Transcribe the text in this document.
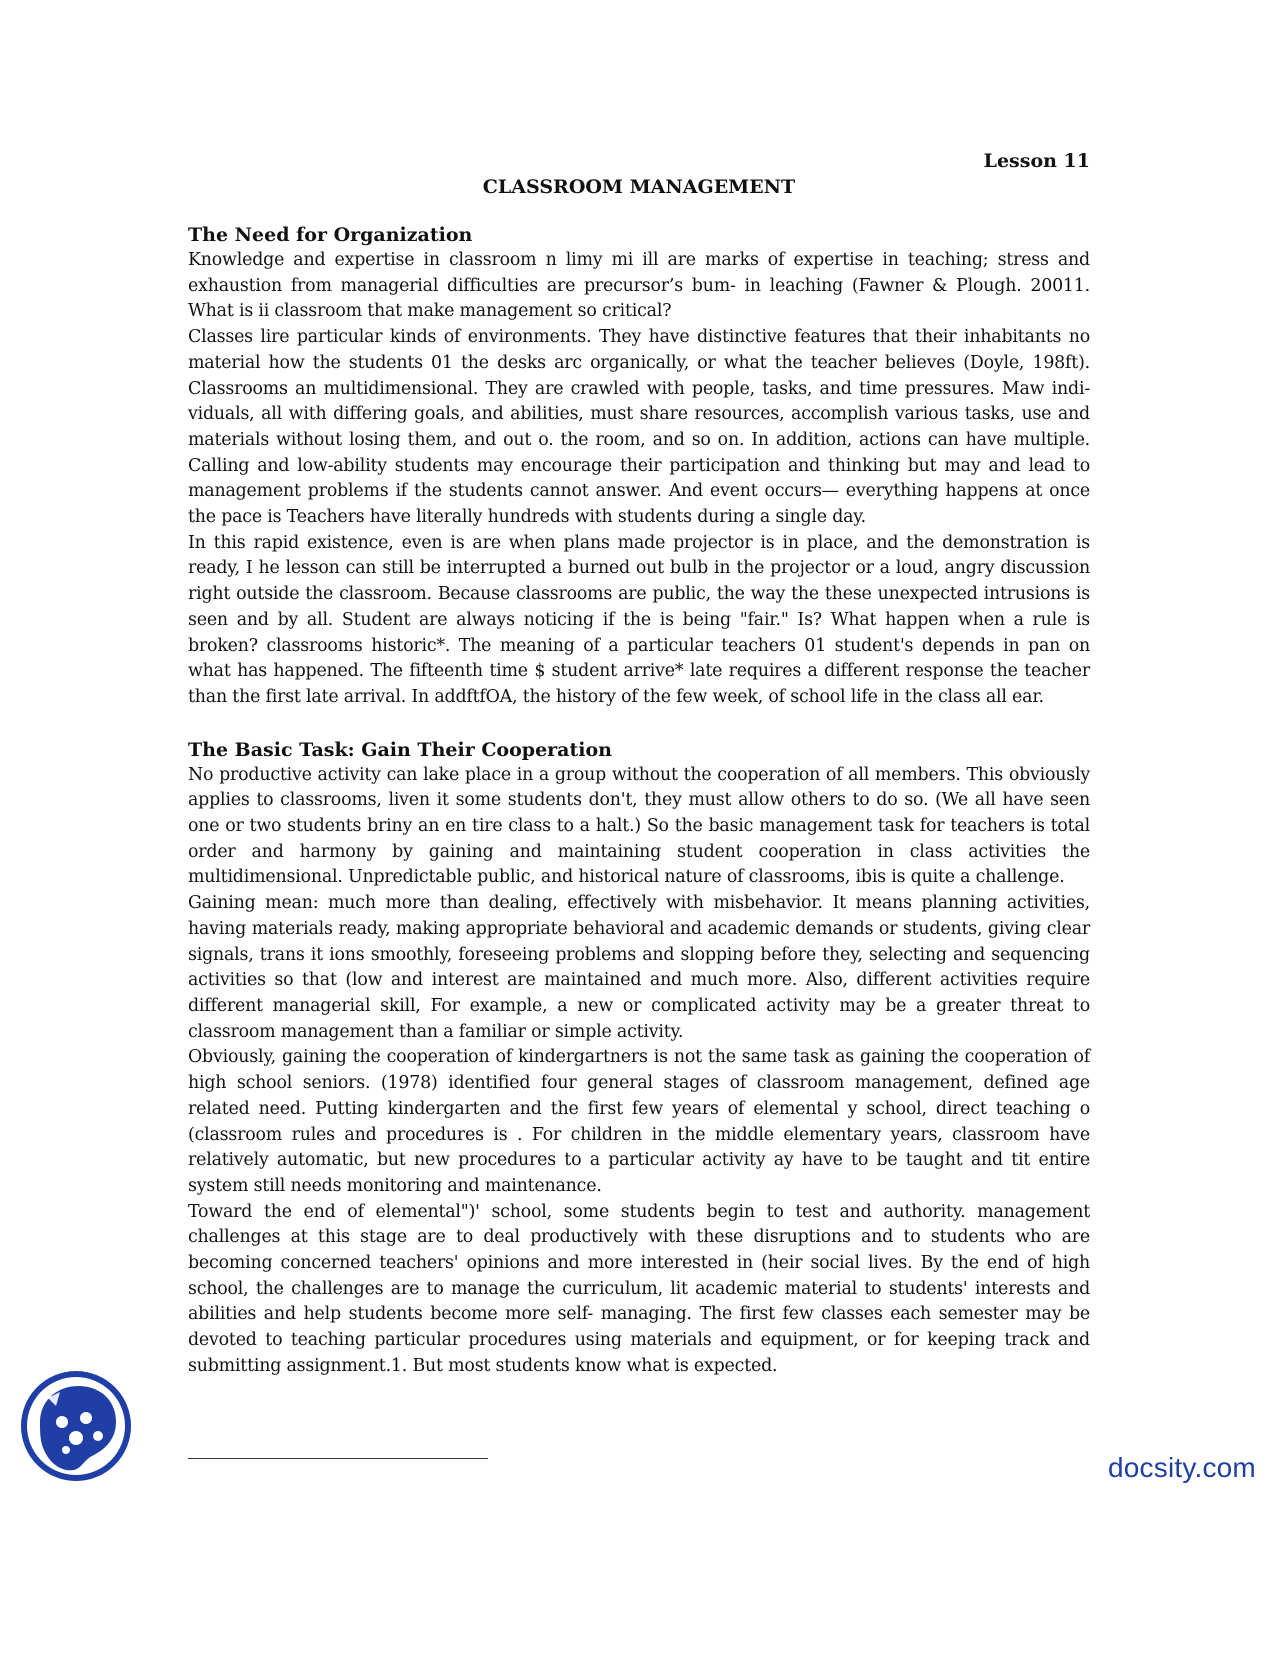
Lesson 11

CLASSROOM MANAGEMENT

The Need for Organization

Knowledge and expertise in classroom n limy mi ill are marks of expertise in teaching; stress and exhaustion from managerial difficulties are precursor’s bum- in leaching (Fawner & Plough. 20011. What is ii classroom that make management so critical?

Classes lire particular kinds of environments. They have distinctive features that their inhabitants no material how the students 01 the desks arc organically, or what the teacher believes (Doyle, 198ft). Classrooms an multidimensional. They are crawled with people, tasks, and time pressures. Maw indi-viduals, all with differing goals, and abilities, must share resources, accomplish various tasks, use and materials without losing them, and out o. the room, and so on. In addition, actions can have multiple. Calling and low-ability students may encourage their participation and thinking but may and lead to management problems if the students cannot answer. And event occurs— everything happens at once the pace is Teachers have literally hundreds with students during a single day.

In this rapid existence, even is are when plans made projector is in place, and the demonstration is ready, I he lesson can still be interrupted a burned out bulb in the projector or a loud, angry discussion right outside the classroom. Because classrooms are public, the way the these unexpected intrusions is seen and by all. Student are always noticing if the is being "fair." Is? What happen when a rule is broken? classrooms historic*. The meaning of a particular teachers 01 student's depends in pan on what has happened. The fifteenth time $ student arrive* late requires a different response the teacher than the first late arrival. In addftfOA, the history of the few week, of school life in the class all ear.

The Basic Task: Gain Their Cooperation

No productive activity can lake place in a group without the cooperation of all members. This obviously applies to classrooms, liven it some students don't, they must allow others to do so. (We all have seen one or two students briny an en tire class to a halt.) So the basic management task for teachers is total order and harmony by gaining and maintaining student cooperation in class activities the multidimensional. Unpredictable public, and historical nature of classrooms, ibis is quite a challenge.

Gaining mean: much more than dealing, effectively with misbehavior. It means planning activities, having materials ready, making appropriate behavioral and academic demands or students, giving clear signals, trans it ions smoothly, foreseeing problems and slopping before they, selecting and sequencing activities so that (low and interest are maintained and much more. Also, different activities require different managerial skill, For example, a new or complicated activity may be a greater threat to classroom management than a familiar or simple activity.

Obviously, gaining the cooperation of kindergartners is not the same task as gaining the cooperation of high school seniors. (1978) identified four general stages of classroom management, defined age related need. Putting kindergarten and the first few years of elemental y school, direct teaching o (classroom rules and procedures is . For children in the middle elementary years, classroom have relatively automatic, but new procedures to a particular activity ay have to be taught and tit entire system still needs monitoring and maintenance.

Toward the end of elemental")' school, some students begin to test and authority. management challenges at this stage are to deal productively with these disruptions and to students who are becoming concerned teachers' opinions and more interested in (heir social lives. By the end of high school, the challenges are to manage the curriculum, lit academic material to students' interests and abilities and help students become more self- managing. The first few classes each semester may be devoted to teaching particular procedures using materials and equipment, or for keeping track and submitting assignment.1. But most students know what is expected.

docsity.com
